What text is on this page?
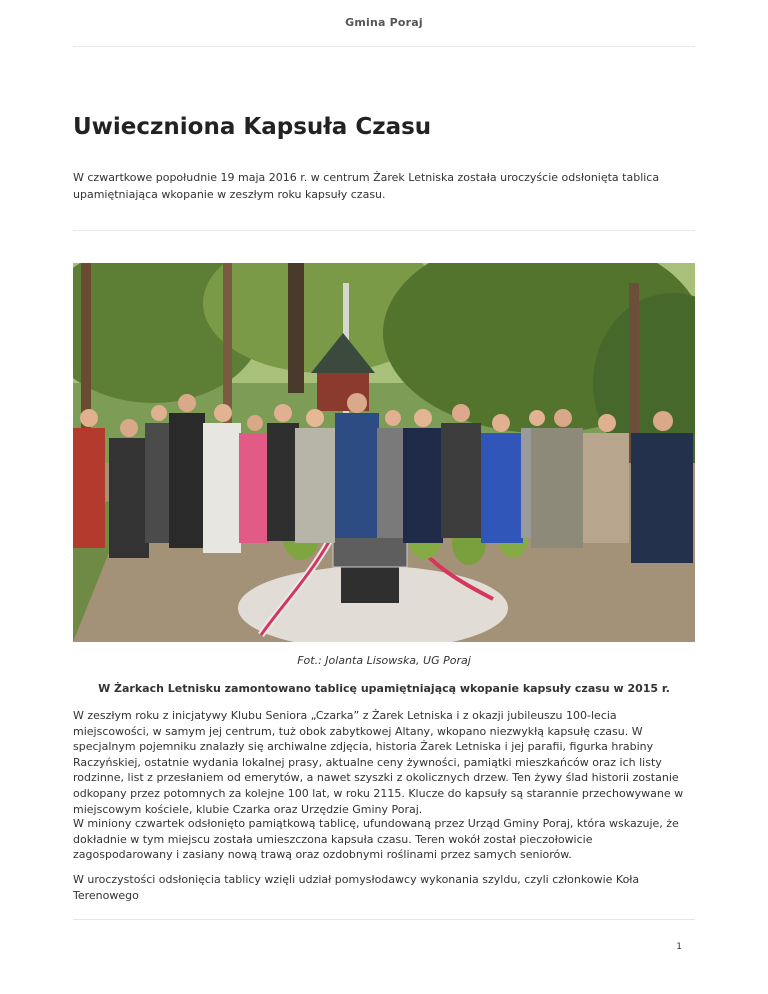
Gmina Poraj
Uwieczniona Kapsuła Czasu

W czwartkowe popołudnie 19 maja 2016 r. w centrum Żarek Letniska została uroczyście odsłonięta tablica upamiętniająca wkopanie w zeszłym roku kapsuły czasu.

Fot.: Jolanta Lisowska, UG Poraj
W Żarkach Letnisku zamontowano tablicę upamiętniającą wkopanie kapsuły czasu w 2015 r.

W zeszłym roku z inicjatywy Klubu Seniora „Czarka” z Żarek Letniska i z okazji jubileuszu 100-lecia miejscowości, w samym jej centrum, tuż obok zabytkowej Altany, wkopano niezwykłą kapsułę czasu. W specjalnym pojemniku znalazły się archiwalne zdjęcia, historia Żarek Letniska i jej parafii, figurka hrabiny Raczyńskiej, ostatnie wydania lokalnej prasy, aktualne ceny żywności, pamiątki mieszkańców oraz ich listy rodzinne, list z przesłaniem od emerytów, a nawet szyszki z okolicznych drzew. Ten żywy ślad historii zostanie odkopany przez potomnych za kolejne 100 lat, w roku 2115. Klucze do kapsuły są starannie przechowywane w miejscowym kościele, klubie Czarka oraz Urzędzie Gminy Poraj.

W miniony czwartek odsłonięto pamiątkową tablicę, ufundowaną przez Urząd Gminy Poraj, która wskazuje, że dokładnie w tym miejscu została umieszczona kapsuła czasu. Teren wokół został pieczołowicie zagospodarowany i zasiany nową trawą oraz ozdobnymi roślinami przez samych seniorów.

W uroczystości odsłonięcia tablicy wzięli udział pomysłodawcy wykonania szyldu, czyli członkowie Koła Terenowego

1
